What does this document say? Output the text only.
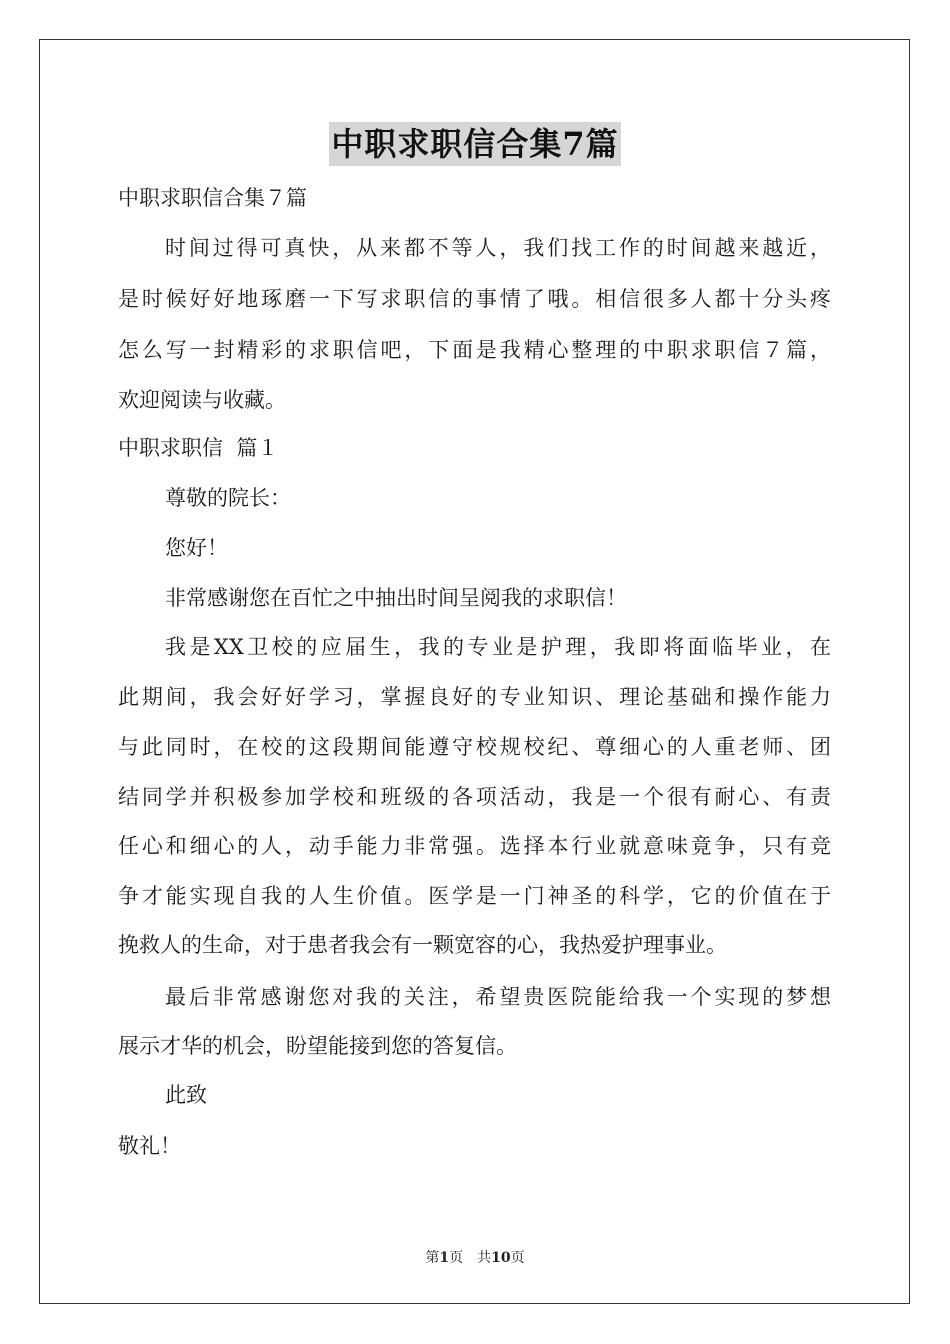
中职求职信合集7篇
中职求职信合集７篇
时间过得可真快，从来都不等人，我们找工作的时间越来越近，
是时候好好地琢磨一下写求职信的事情了哦。相信很多人都十分头疼
怎么写一封精彩的求职信吧，下面是我精心整理的中职求职信７篇，
欢迎阅读与收藏。
中职求职信  篇１
尊敬的院长：
您好！
非常感谢您在百忙之中抽出时间呈阅我的求职信！
我是XX卫校的应届生，我的专业是护理，我即将面临毕业，在
此期间，我会好好学习，掌握良好的专业知识、理论基础和操作能力
与此同时，在校的这段期间能遵守校规校纪、尊细心的人重老师、团
结同学并积极参加学校和班级的各项活动，我是一个很有耐心、有责
任心和细心的人，动手能力非常强。选择本行业就意味竟争，只有竞
争才能实现自我的人生价值。医学是一门神圣的科学，它的价值在于
挽救人的生命，对于患者我会有一颗宽容的心，我热爱护理事业。
最后非常感谢您对我的关注，希望贵医院能给我一个实现的梦想
展示才华的机会，盼望能接到您的答复信。
此致
敬礼！
第1页　共10页
